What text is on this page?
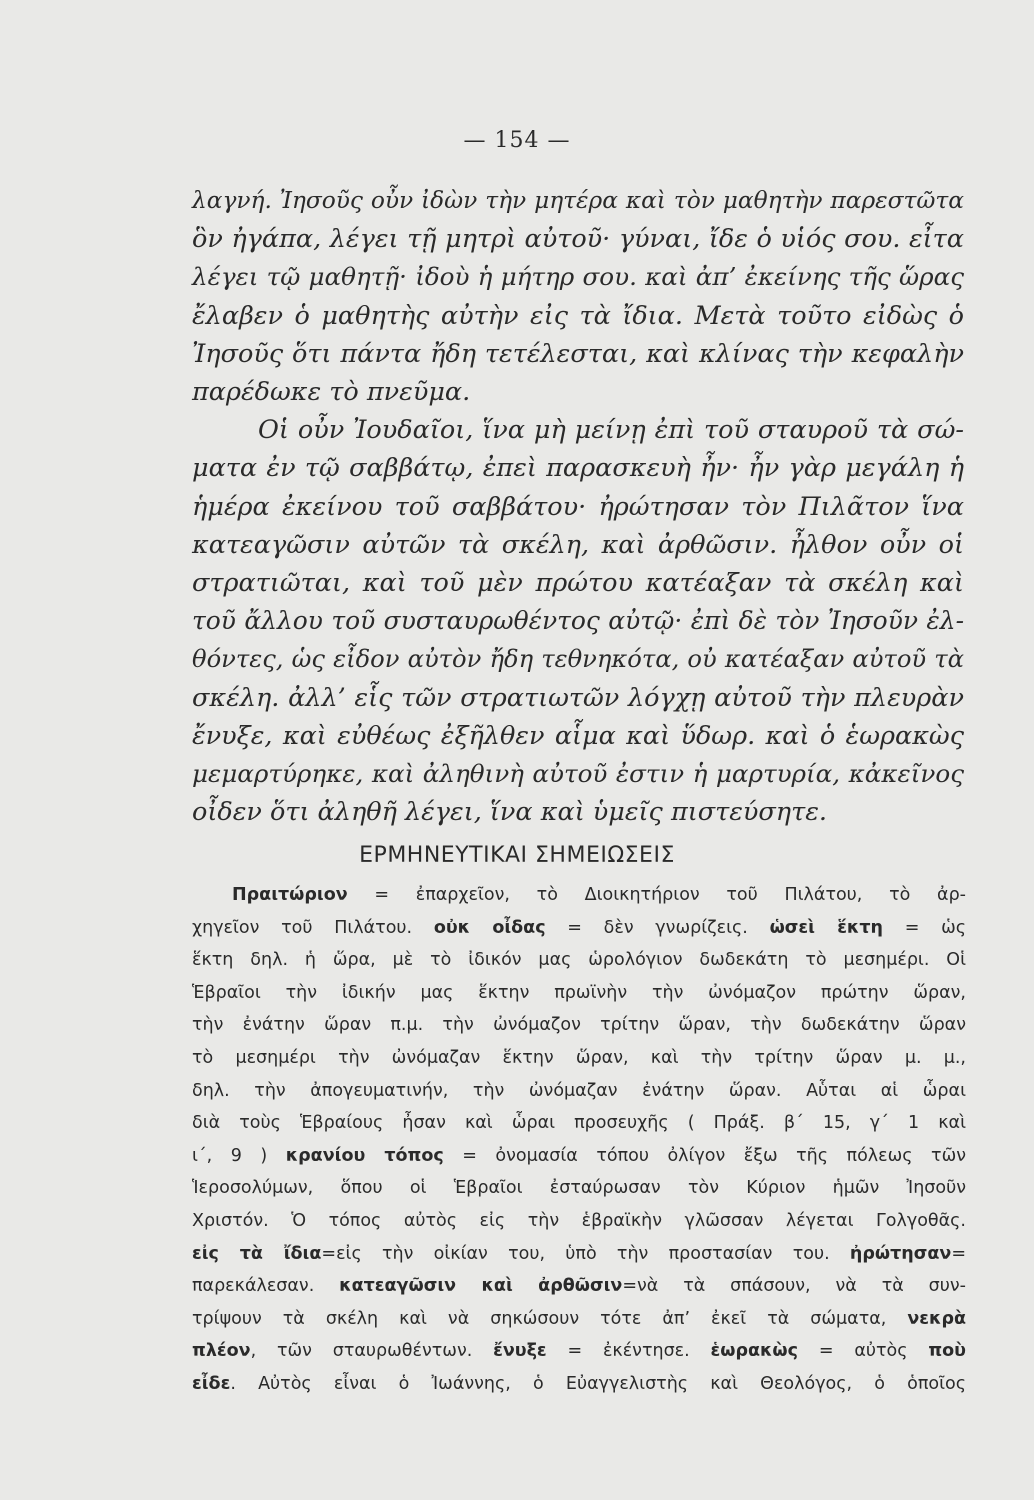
— 154 —
λαγνή. Ἰησοῦς οὖν ἰδὼν τὴν μητέρα καὶ τὸν μαθητὴν παρεστῶτα
ὃν ἠγάπα, λέγει τῇ μητρὶ αὐτοῦ· γύναι, ἴδε ὁ υἱός σου. εἶτα
λέγει τῷ μαθητῇ· ἰδοὺ ἡ μήτηρ σου. καὶ ἀπ’ ἐκείνης τῆς ὥρας
ἔλαβεν ὁ μαθητὴς αὐτὴν εἰς τὰ ἴδια. Μετὰ τοῦτο εἰδὼς ὁ
Ἰησοῦς ὅτι πάντα ἤδη τετέλεσται, καὶ κλίνας τὴν κεφαλὴν
παρέδωκε τὸ πνεῦμα.
Οἱ οὖν Ἰουδαῖοι, ἵνα μὴ μείνῃ ἐπὶ τοῦ σταυροῦ τὰ σώ-
ματα ἐν τῷ σαββάτῳ, ἐπεὶ παρασκευὴ ἦν· ἦν γὰρ μεγάλη ἡ
ἡμέρα ἐκείνου τοῦ σαββάτου· ἠρώτησαν τὸν Πιλᾶτον ἵνα
κατεαγῶσιν αὐτῶν τὰ σκέλη, καὶ ἀρθῶσιν. ἦλθον οὖν οἱ
στρατιῶται, καὶ τοῦ μὲν πρώτου κατέαξαν τὰ σκέλη καὶ
τοῦ ἄλλου τοῦ συσταυρωθέντος αὐτῷ· ἐπὶ δὲ τὸν Ἰησοῦν ἐλ-
θόντες, ὡς εἶδον αὐτὸν ἤδη τεθνηκότα, οὐ κατέαξαν αὐτοῦ τὰ
σκέλη. ἀλλ’ εἷς τῶν στρατιωτῶν λόγχῃ αὐτοῦ τὴν πλευρὰν
ἔνυξε, καὶ εὐθέως ἐξῆλθεν αἷμα καὶ ὕδωρ. καὶ ὁ ἑωρακὼς
μεμαρτύρηκε, καὶ ἀληθινὴ αὐτοῦ ἐστιν ἡ μαρτυρία, κἀκεῖνος
οἶδεν ὅτι ἀληθῆ λέγει, ἵνα καὶ ὑμεῖς πιστεύσητε.
ΕΡΜΗΝΕΥΤΙΚΑΙ ΣΗΜΕΙΩΣΕΙΣ
Πραιτώριον = ἐπαρχεῖον, τὸ Διοικητήριον τοῦ Πιλάτου, τὸ ἀρ-
χηγεῖον τοῦ Πιλάτου. οὐκ οἶδας = δὲν γνωρίζεις. ὡσεὶ ἕκτη = ὡς
ἕκτη δηλ. ἡ ὥρα, μὲ τὸ ἰδικόν μας ὡρολόγιον δωδεκάτη τὸ μεσημέρι. Οἱ
Ἑβραῖοι τὴν ἰδικήν μας ἕκτην πρωϊνὴν τὴν ὠνόμαζον πρώτην ὥραν,
τὴν ἐνάτην ὥραν π.μ. τὴν ὠνόμαζον τρίτην ὥραν, τὴν δωδεκάτην ὥραν
τὸ μεσημέρι τὴν ὠνόμαζαν ἕκτην ὥραν, καὶ τὴν τρίτην ὥραν μ. μ.,
δηλ. τὴν ἀπογευματινήν, τὴν ὠνόμαζαν ἐνάτην ὥραν. Αὗται αἱ ὧραι
διὰ τοὺς Ἑβραίους ἦσαν καὶ ὧραι προσευχῆς ( Πράξ. β΄ 15, γ΄ 1 καὶ
ι΄, 9 ) κρανίου τόπος = ὀνομασία τόπου ὀλίγον ἔξω τῆς πόλεως τῶν
Ἱεροσολύμων, ὅπου οἱ Ἑβραῖοι ἐσταύρωσαν τὸν Κύριον ἡμῶν Ἰησοῦν
Χριστόν. Ὁ τόπος αὐτὸς εἰς τὴν ἑβραϊκὴν γλῶσσαν λέγεται Γολγοθᾶς.
εἰς τὰ ἴδια=εἰς τὴν οἰκίαν του, ὑπὸ τὴν προστασίαν του. ἠρώτησαν=
παρεκάλεσαν. κατεαγῶσιν καὶ ἀρθῶσιν=νὰ τὰ σπάσουν, νὰ τὰ συν-
τρίψουν τὰ σκέλη καὶ νὰ σηκώσουν τότε ἀπ’ ἐκεῖ τὰ σώματα, νεκρὰ
πλέον, τῶν σταυρωθέντων. ἔνυξε = ἐκέντησε. ἑωρακὼς = αὐτὸς ποὺ
εἶδε. Αὐτὸς εἶναι ὁ Ἰωάννης, ὁ Εὐαγγελιστὴς καὶ Θεολόγος, ὁ ὁποῖος
